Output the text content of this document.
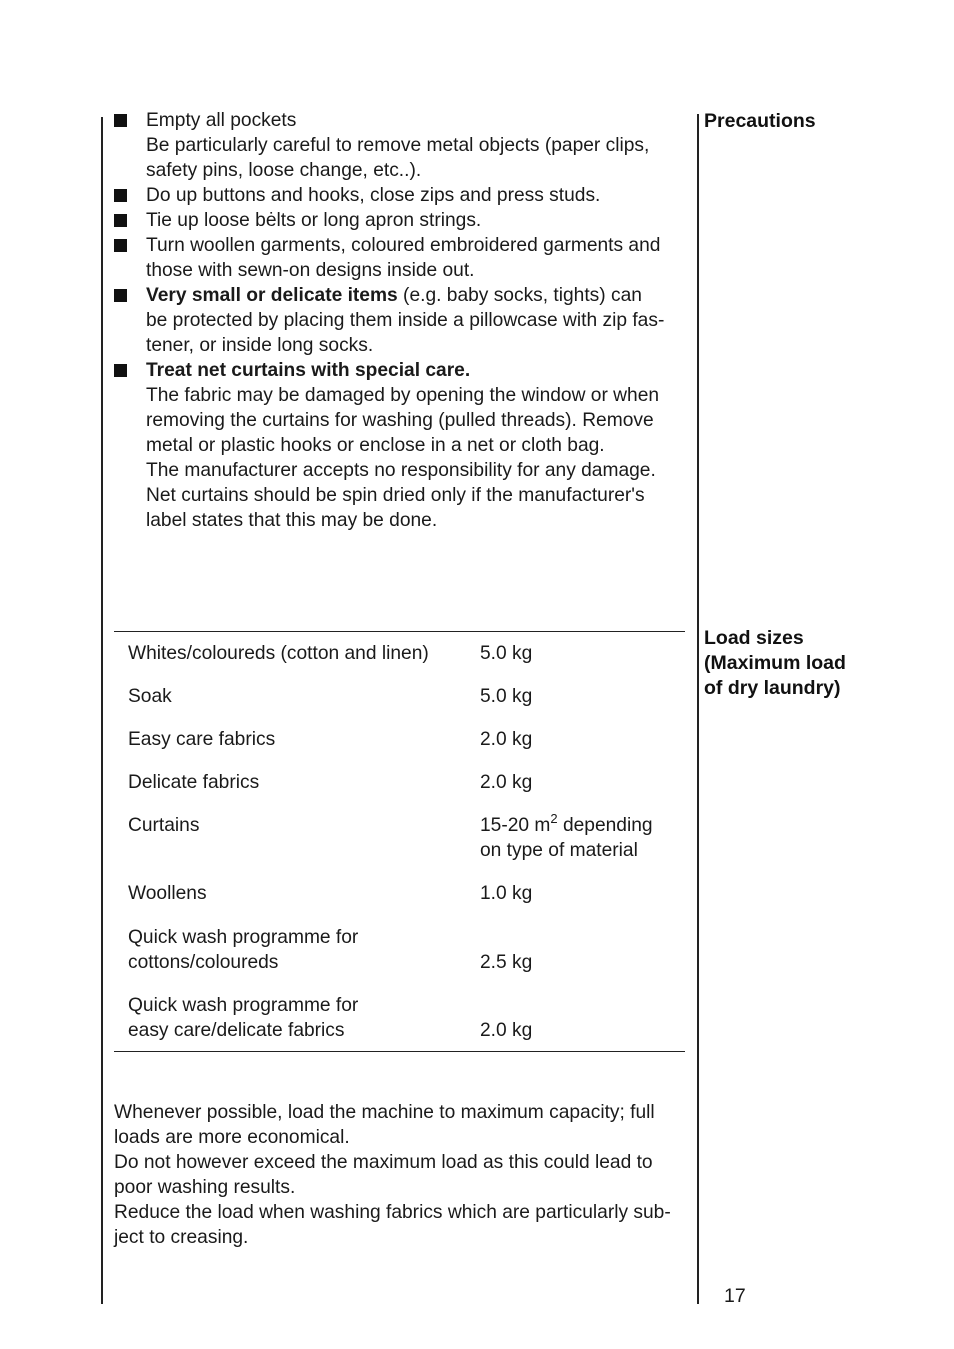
Empty all pockets
Be particularly careful to remove metal objects (paper clips,
safety pins, loose change, etc..).
Do up buttons and hooks, close zips and press studs.
Tie up loose bėlts or long apron strings.
Turn woollen garments, coloured embroidered garments and
those with sewn-on designs inside out.
Very small or delicate items (e.g. baby socks, tights) can
be protected by placing them inside a pillowcase with zip fas-
tener, or inside long socks.
Treat net curtains with special care.
The fabric may be damaged by opening the window or when
removing the curtains for washing (pulled threads). Remove
metal or plastic hooks or enclose in a net or cloth bag.
The manufacturer accepts no responsibility for any damage.
Net curtains should be spin dried only if the manufacturer's
label states that this may be done.
Precautions
Load sizes
(Maximum load
of dry laundry)
Whites/coloureds (cotton and linen)	5.0 kg
Soak	5.0 kg
Easy care fabrics	2.0 kg
Delicate fabrics	2.0 kg
Curtains	15-20 $m^2$ depending
on type of material
Woollens	1.0 kg
Quick wash programme for
cottons/coloureds	2.5 kg
Quick wash programme for
easy care/delicate fabrics	2.0 kg

Whenever possible, load the machine to maximum capacity; full
loads are more economical.
Do not however exceed the maximum load as this could lead to
poor washing results.
Reduce the load when washing fabrics which are particularly sub-
ject to creasing.

17
